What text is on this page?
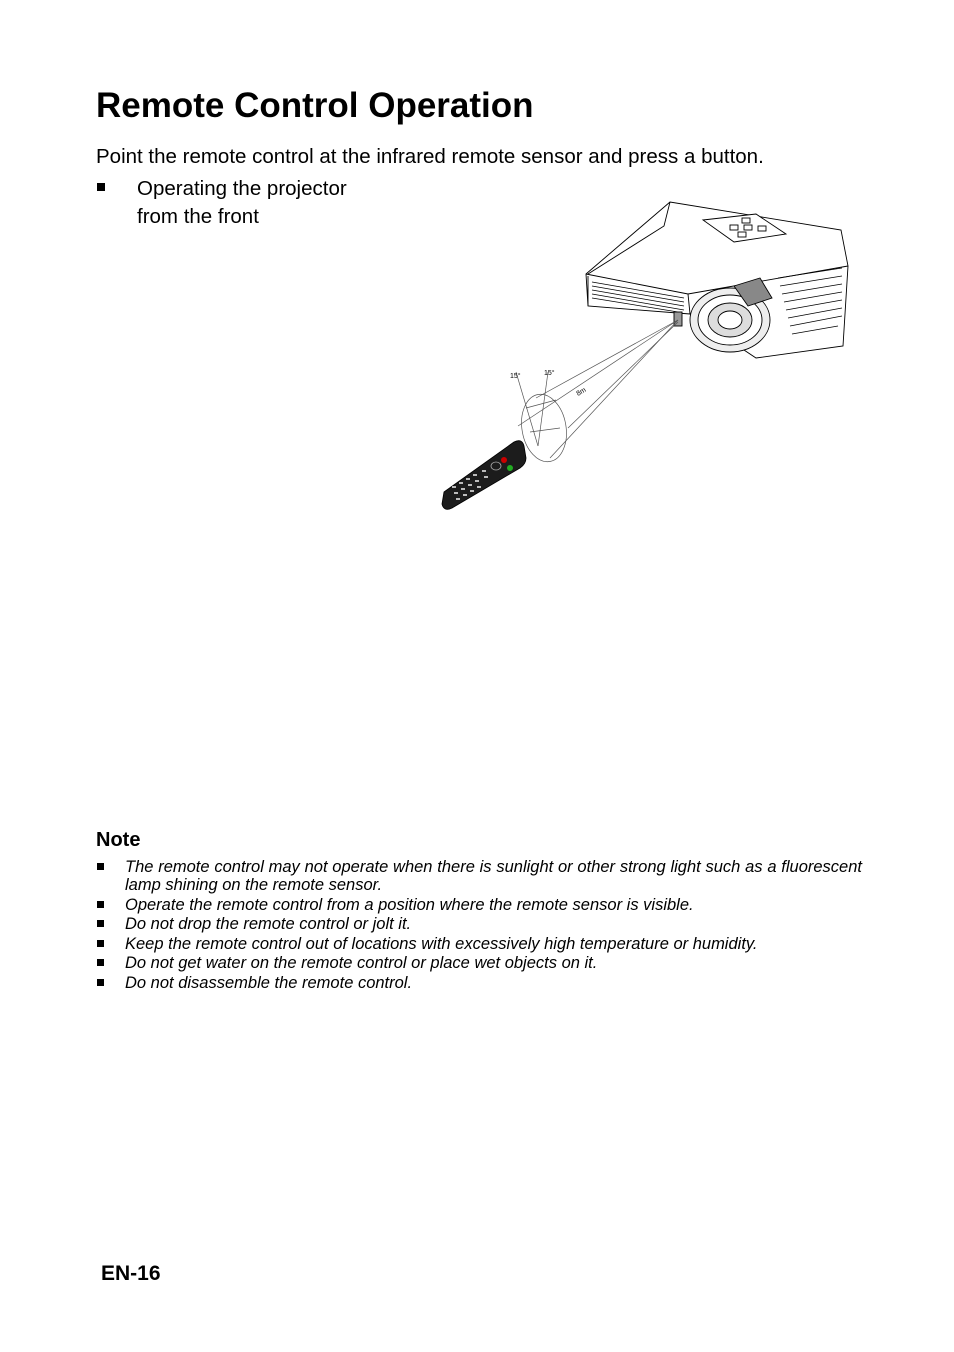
Remote Control Operation

Point the remote control at the infrared remote sensor and press a button.

Operating the projector
from the front
15°	15°
8m
Note
The remote control may not operate when there is sunlight or other strong light such as a fluorescent lamp shining on the remote sensor.
Operate the remote control from a position where the remote sensor is visible.
Do not drop the remote control or jolt it.
Keep the remote control out of locations with excessively high temperature or humidity.
Do not get water on the remote control or place wet objects on it.
Do not disassemble the remote control.
EN-16
